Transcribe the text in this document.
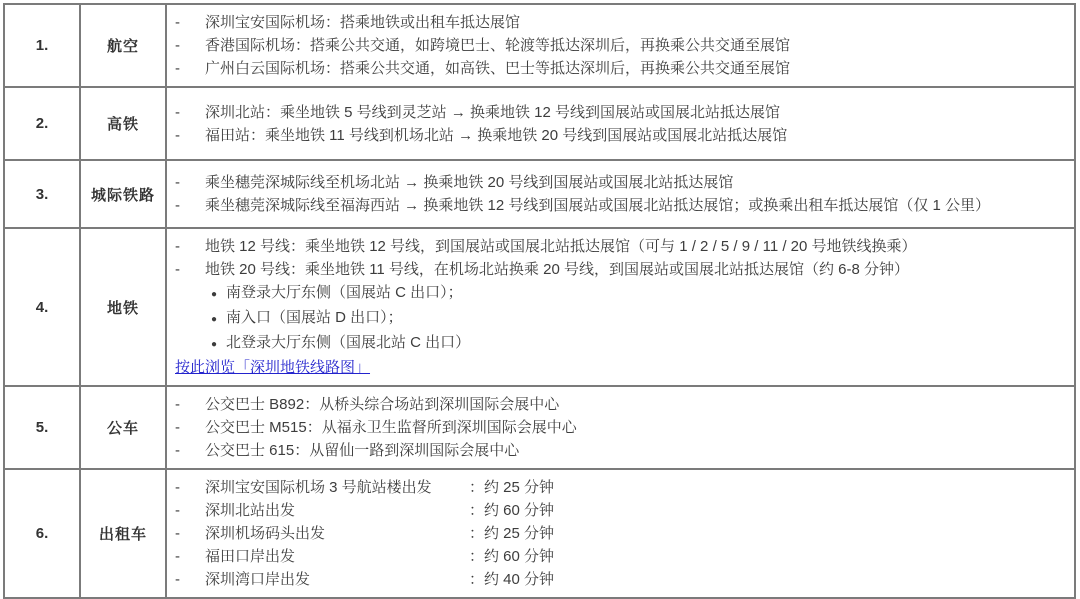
1.	航空	
-	深圳宝安国际机场：搭乘地铁或出租车抵达展馆
-	香港国际机场：搭乘公共交通，如跨境巴士、轮渡等抵达深圳后，再换乘公共交通至展馆
-	广州白云国际机场：搭乘公共交通，如高铁、巴士等抵达深圳后，再换乘公共交通至展馆

2.	高铁	- 深圳北站：乘坐地铁 5 号线到灵芝站 → 换乘地铁 12 号线到国展站或国展北站抵达展馆
- 福田站：乘坐地铁 11 号线到机场北站 → 换乘地铁 20 号线到国展站或国展北站抵达展馆

3.	城际铁路	- 乘坐穗莞深城际线至机场北站 → 换乘地铁 20 号线到国展站或国展北站抵达展馆
- 乘坐穗莞深城际线至福海西站 → 换乘地铁 12 号线到国展站或国展北站抵达展馆；或换乘出租车抵达展馆（仅 1 公里）

4.	地铁	
-	地铁 12 号线：乘坐地铁 12 号线，到国展站或国展北站抵达展馆（可与 1 / 2 / 5 / 9 / 11 / 20 号地铁线换乘）
-	地铁 20 号线：乘坐地铁 11 号线，在机场北站换乘 20 号线，到国展站或国展北站抵达展馆（约 6-8 分钟）
● 南登录大厅东侧（国展站 C 出口）；
● 南入口（国展站 D 出口）；
● 北登录大厅东侧（国展北站 C 出口）
按此浏览「深圳地铁线路图」

5.	公车	
-	公交巴士 B892：从桥头综合场站到深圳国际会展中心
-	公交巴士 M515：从福永卫生监督所到深圳国际会展中心
-	公交巴士 615：从留仙一路到深圳国际会展中心

6.	出租车	
-	深圳宝安国际机场 3 号航站楼出发	：约 25 分钟
-	深圳北站出发	：约 60 分钟
-	深圳机场码头出发	：约 25 分钟
-	福田口岸出发	：约 60 分钟
-	深圳湾口岸出发	：约 40 分钟
